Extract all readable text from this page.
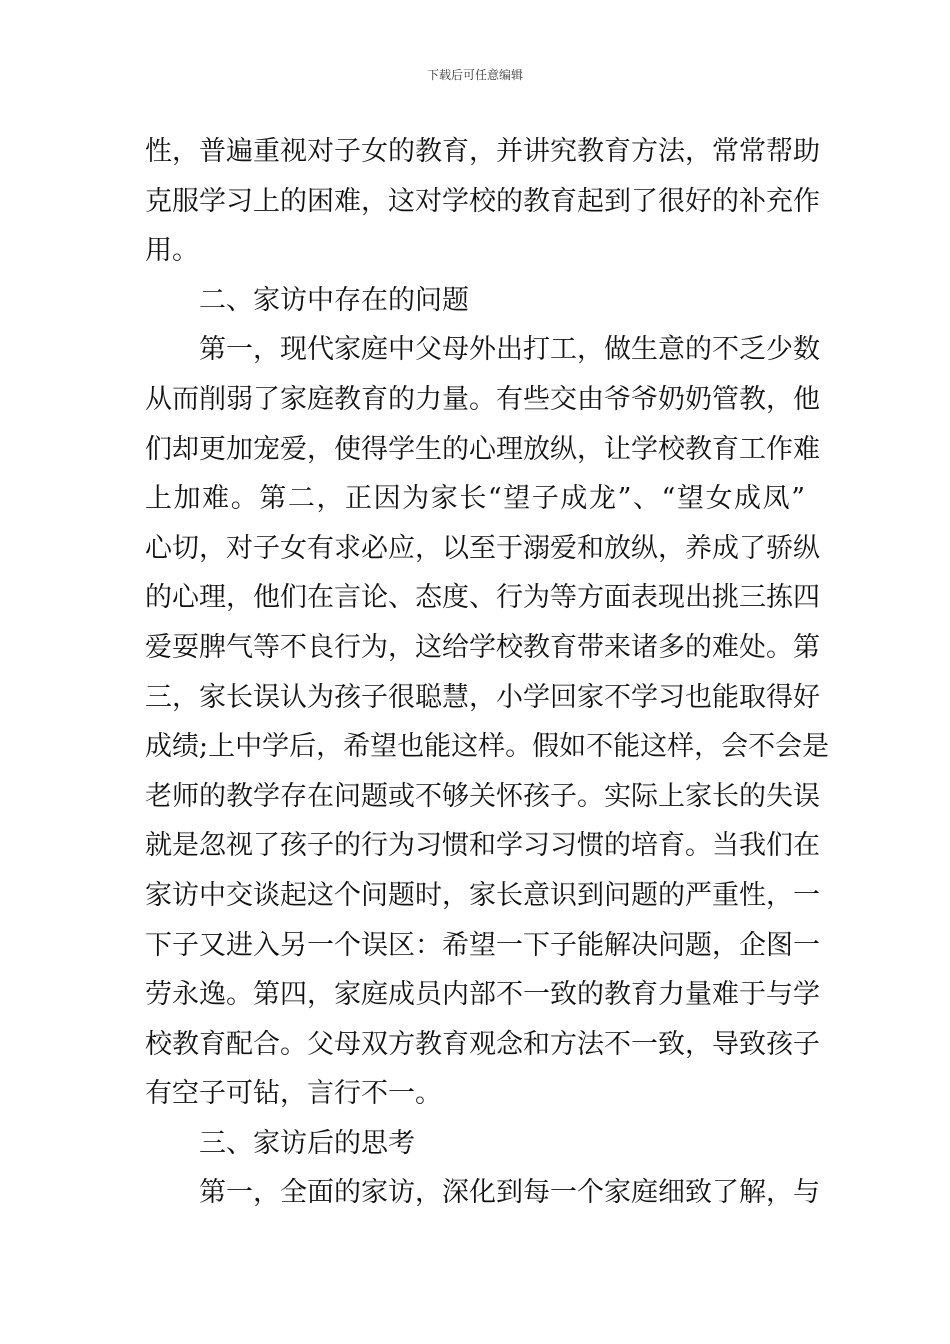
下载后可任意编辑
性，普遍重视对子女的教育，并讲究教育方法，常常帮助
克服学习上的困难，这对学校的教育起到了很好的补充作
用。
二、家访中存在的问题
第一，现代家庭中父母外出打工，做生意的不乏少数
从而削弱了家庭教育的力量。有些交由爷爷奶奶管教，他
们却更加宠爱，使得学生的心理放纵，让学校教育工作难
上加难。第二，正因为家长“望子成龙”、“望女成凤”
心切，对子女有求必应，以至于溺爱和放纵，养成了骄纵
的心理，他们在言论、态度、行为等方面表现出挑三拣四
爱耍脾气等不良行为，这给学校教育带来诸多的难处。第
三，家长误认为孩子很聪慧，小学回家不学习也能取得好
成绩;上中学后，希望也能这样。假如不能这样，会不会是
老师的教学存在问题或不够关怀孩子。实际上家长的失误
就是忽视了孩子的行为习惯和学习习惯的培育。当我们在
家访中交谈起这个问题时，家长意识到问题的严重性，一
下子又进入另一个误区：希望一下子能解决问题，企图一
劳永逸。第四，家庭成员内部不一致的教育力量难于与学
校教育配合。父母双方教育观念和方法不一致，导致孩子
有空子可钻，言行不一。
三、家访后的思考
第一，全面的家访，深化到每一个家庭细致了解，与
